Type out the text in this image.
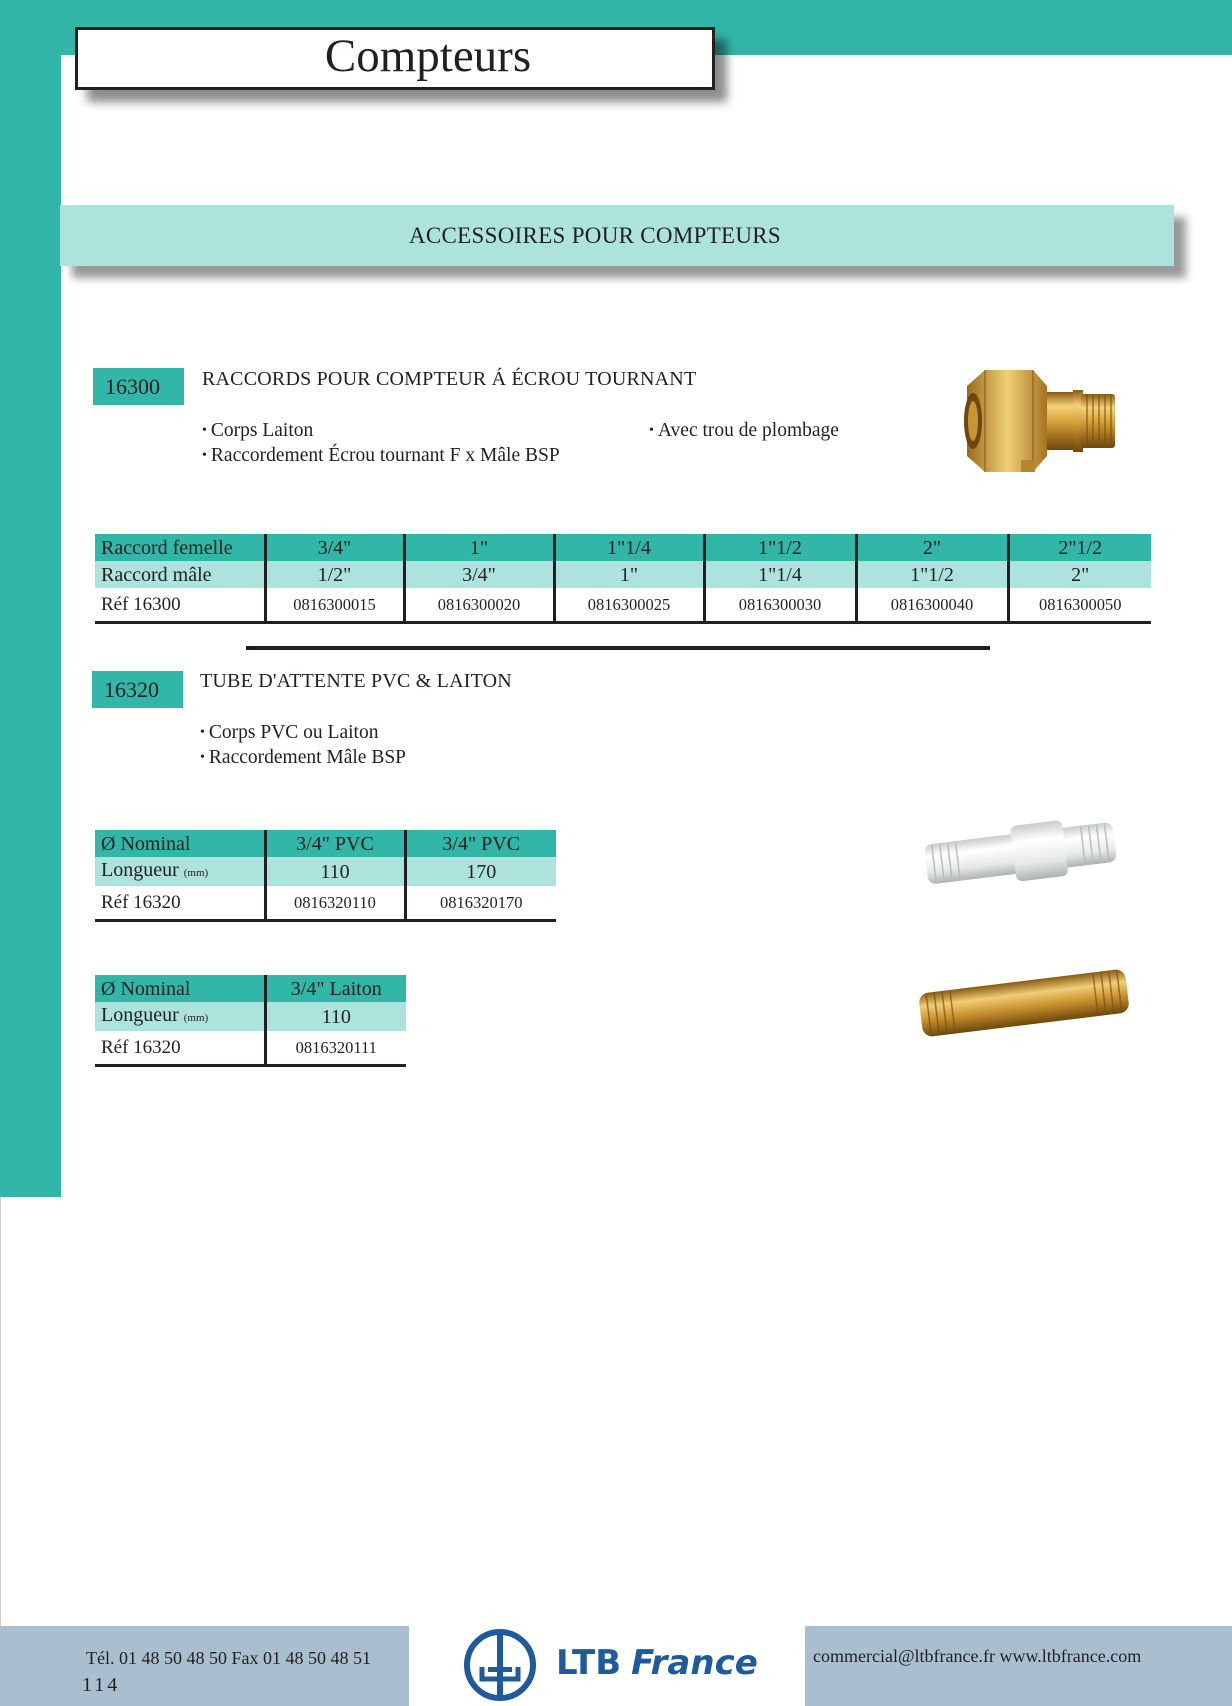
Compteurs
ACCESSOIRES POUR COMPTEURS
16300	RACCORDS POUR COMPTEUR Á ÉCROU TOURNANT
• Corps Laiton
• Raccordement Écrou tournant F x Mâle BSP
• Avec trou de plombage
Raccord femelle	3/4"	1"	1"1/4	1"1/2	2"	2"1/2
Raccord mâle	1/2"	3/4"	1"	1"1/4	1"1/2	2"
Réf 16300	0816300015	0816300020	0816300025	0816300030	0816300040	0816300050
16320	TUBE D'ATTENTE PVC & LAITON
• Corps PVC ou Laiton
• Raccordement Mâle BSP
Ø Nominal	3/4" PVC	3/4" PVC
Longueur (mm)	110	170
Réf 16320	0816320110	0816320170
Ø Nominal	3/4" Laiton
Longueur (mm)	110
Réf 16320	0816320111
LTB France
Tél. 01 48 50 48 50 Fax 01 48 50 48 51
114
commercial@ltbfrance.fr www.ltbfrance.com
